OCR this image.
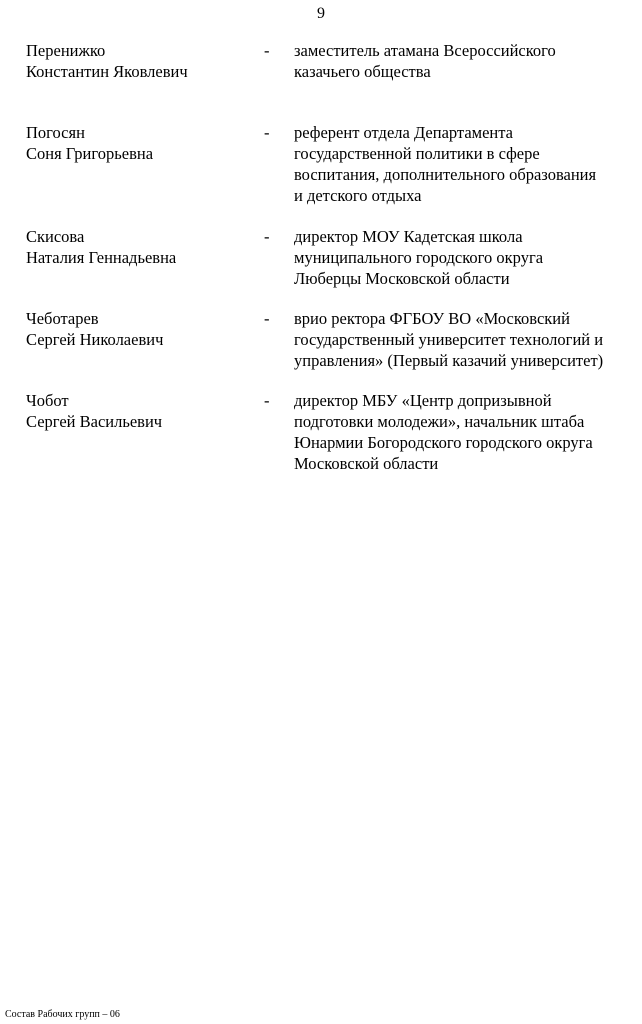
9
Перенижко
Константин Яковлевич
-	заместитель атамана Всероссийского
казачьего общества
Погосян
Соня Григорьевна
-	референт отдела Департамента
государственной политики в сфере
воспитания, дополнительного образования
и детского отдыха
Скисова
Наталия Геннадьевна
-	директор МОУ Кадетская школа
муниципального городского округа
Люберцы Московской области
Чеботарев
Сергей Николаевич
-	врио ректора ФГБОУ ВО «Московский
государственный университет технологий и
управления» (Первый казачий университет)
Чобот
Сергей Васильевич
-	директор МБУ «Центр допризывной
подготовки молодежи», начальник штаба
Юнармии Богородского городского округа
Московской области
Состав Рабочих групп – 06
